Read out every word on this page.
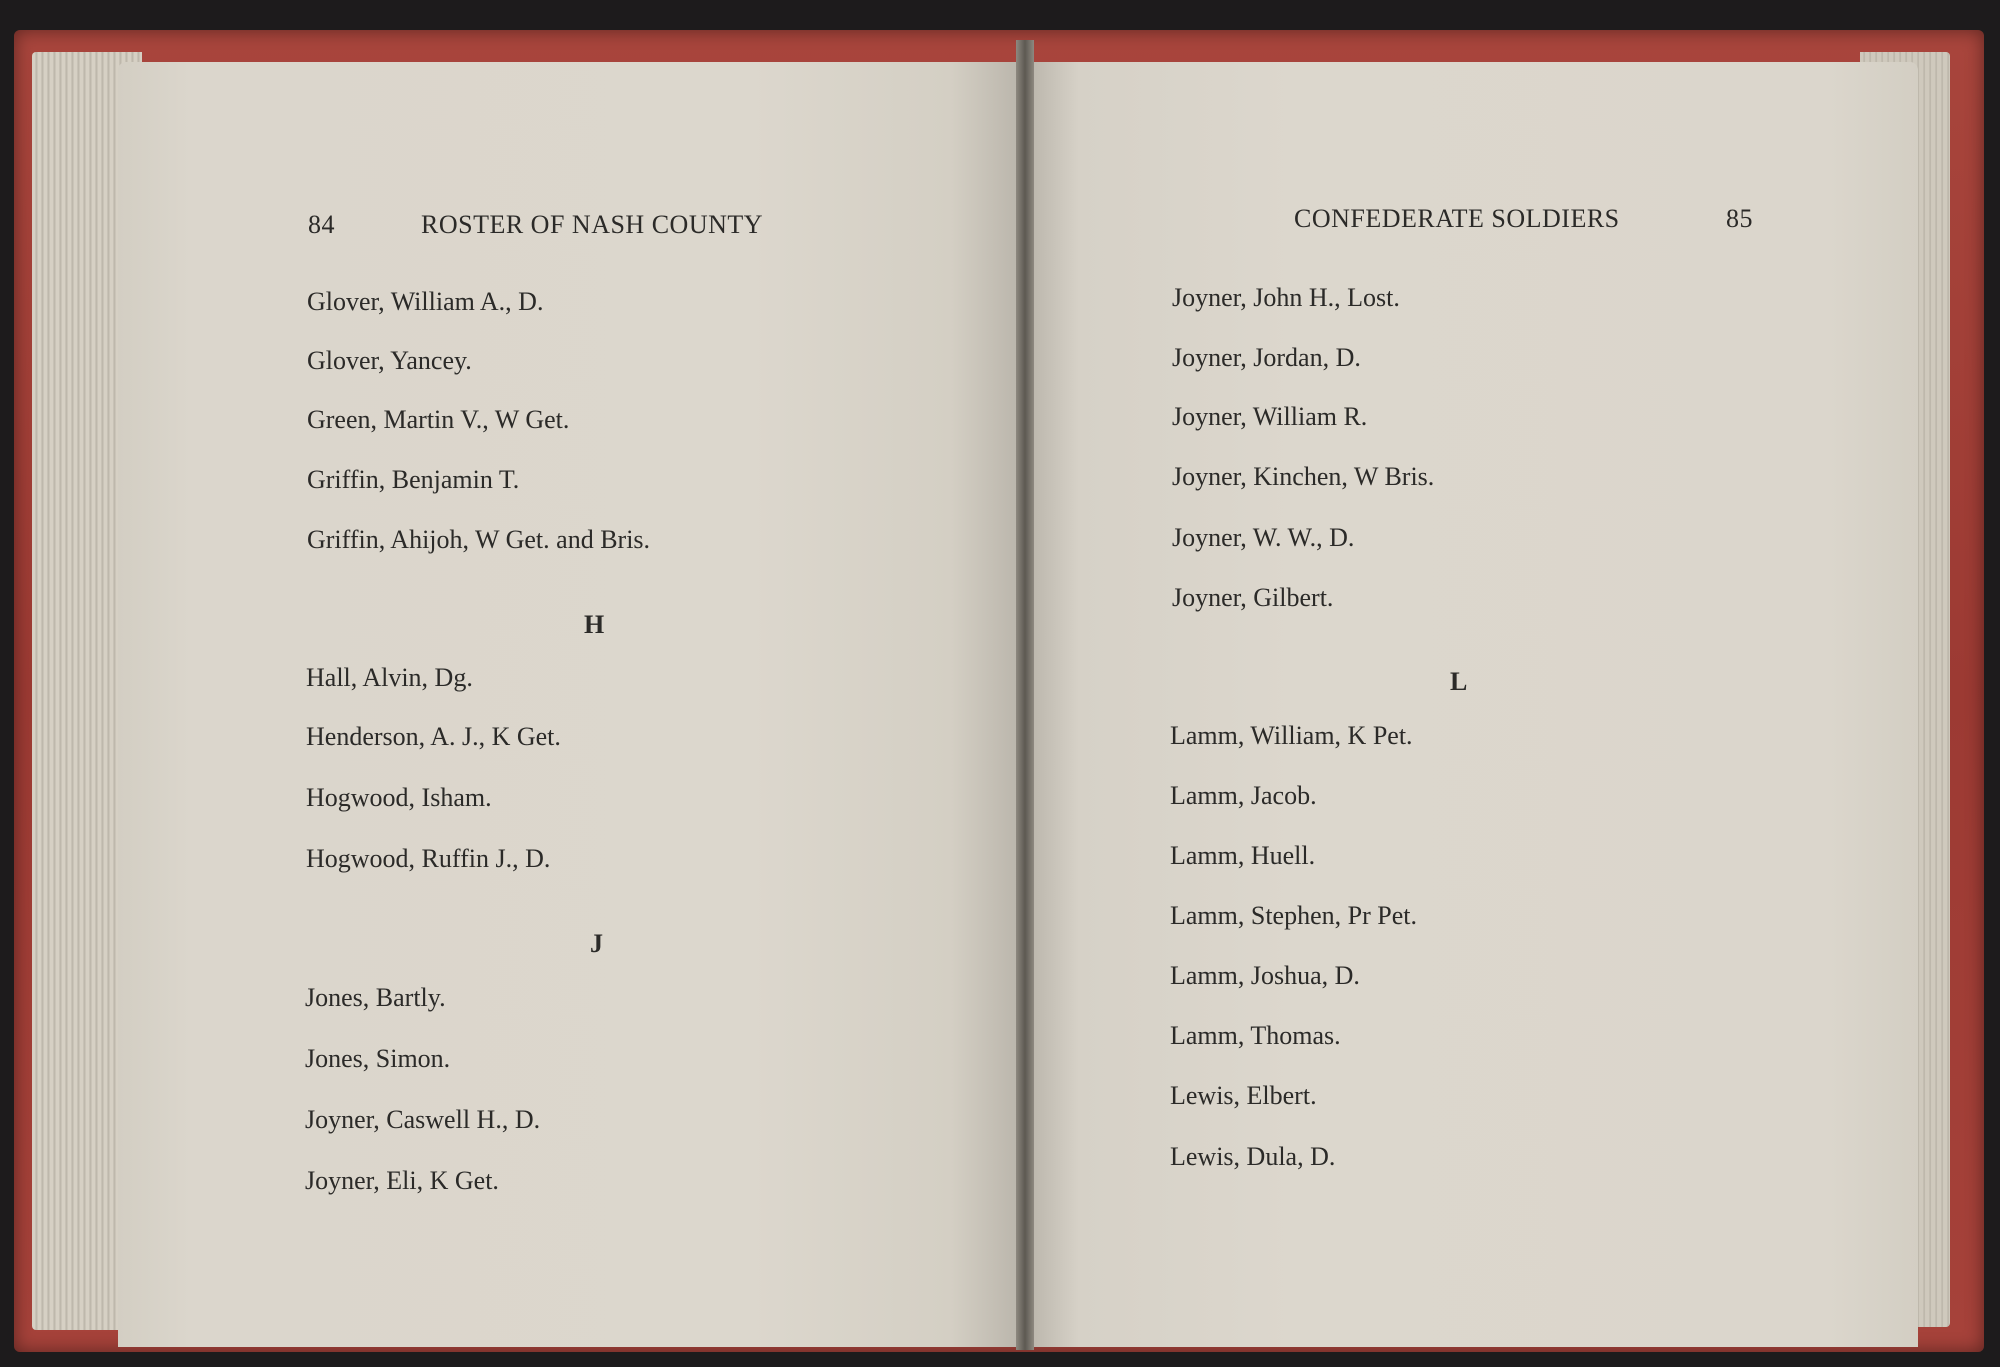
84	ROSTER OF NASH COUNTY
Glover, William A., D.
Glover, Yancey.
Green, Martin V., W Get.
Griffin, Benjamin T.
Griffin, Ahijoh, W Get. and Bris.
H
Hall, Alvin, Dg.
Henderson, A. J., K Get.
Hogwood, Isham.
Hogwood, Ruffin J., D.
J
Jones, Bartly.
Jones, Simon.
Joyner, Caswell H., D.
Joyner, Eli, K Get.
CONFEDERATE SOLDIERS	85
Joyner, John H., Lost.
Joyner, Jordan, D.
Joyner, William R.
Joyner, Kinchen, W Bris.
Joyner, W. W., D.
Joyner, Gilbert.
L
Lamm, William, K Pet.
Lamm, Jacob.
Lamm, Huell.
Lamm, Stephen, Pr Pet.
Lamm, Joshua, D.
Lamm, Thomas.
Lewis, Elbert.
Lewis, Dula, D.
